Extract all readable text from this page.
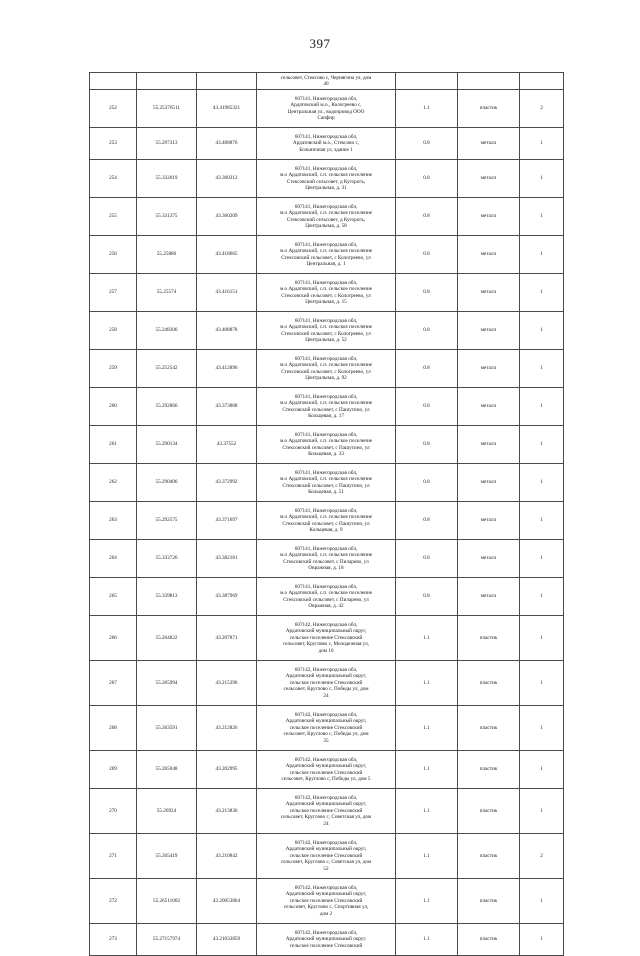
397

			сельсовет, Стексово с, Чернягина ул, дом
40			

252	55.25376511	43.41985321	607141, Нижегородская обл,
Ардатовский м.о., Кологреево с,
Центральная ул., водопровод ООО
Сапфир	1.1	пластик	2
253	55.297313	43.408876	607141, Нижегородская обл,
Ардатовский м.о., Стексово с,
Больничная ул, здание 1	0.8	металл	1
254	55.332019	43.360212	607141, Нижегородская обл,
м.о Ардатовский, с.п. сельское поселение
Стексовский сельсовет, д Кугорогь,
Центральная, д. 31	0.8	металл	1
255	55.331375	43.360209	607141, Нижегородская обл,
м.о Ардатовский, с.п. сельское поселение
Стексовский сельсовет, д Кугорогь,
Центральная, д. 58	0.8	металл	1
256	55.25886	43.418665	607141, Нижегородская обл,
м.о Ардатовский, с.п. сельское поселение
Стексовский сельсовет, с Кологреево, ул
Центральная, д. 1	0.8	металл	1
257	55.25574	43.416151	607141, Нижегородская обл,
м.о Ардатовский, с.п. сельское поселение
Стексовский сельсовет, с Кологреево, ул
Центральная, д. 15	0.8	металл	1
258	55.248306	43.408878	607141, Нижегородская обл,
м.о Ардатовский, с.п. сельское поселение
Стексовский сельсовет, с Кологреево, ул
Центральная, д. 52	0.8	металл	1
259	55.252542	43.412896	607141, Нижегородская обл,
м.о Ардатовский, с.п. сельское поселение
Стексовский сельсовет, с Кологреево, ул
Центральная, д. 92	0.8	металл	1
260	55.292866	43.373808	607141, Нижегородская обл,
м.о Ардатовский, с.п. сельское поселение
Стексовский сельсовет, с Пашутино, ул
Кольцевая, д. 17	0.8	металл	1
261	55.290134	43.37552	607141, Нижегородская обл,
м.о Ардатовский, с.п. сельское поселение
Стексовский сельсовет, с Пашутино, ул
Кольцевая, д. 33	0.8	металл	1
262	55.290406	43.372992	607141, Нижегородская обл,
м.о Ардатовский, с.п. сельское поселение
Стексовский сельсовет, с Пашутино, ул
Кольцевая, д. 51	0.8	металл	1
263	55.292575	43.371697	607141, Нижегородская обл,
м.о Ардатовский, с.п. сельское поселение
Стексовский сельсовет, с Пашутино, ул
Кольцевая, д. 9	0.8	металл	1
264	55.333726	43.382181	607141, Нижегородская обл,
м.о Ардатовский, с.п. сельское поселение
Стексовский сельсовет, с Пиларево, ул
Овражная, д. 18	0.8	металл	1
265	55.339813	43.387969	607141, Нижегородская обл,
м.о Ардатовский, с.п. сельское поселение
Стексовский сельсовет, с Пиларево, ул
Овражная, д. 42	0.8	металл	1
266	55.264822	43.207871	607142, Нижегородская обл,
Ардатовский муниципальный округ,
сельское поселение Стексовский
сельсовет, Круглово с, Молодежная ул,
дом 10	1.1	пластик	1
267	55.265994	43.215396	607142, Нижегородская обл,
Ардатовский муниципальный округ,
сельское поселение Стексовский
сельсовет, Круглово с, Победы ул, дом
24	1.1	пластик	1
268	55.263591	43.212826	607142, Нижегородская обл,
Ардатовский муниципальный округ,
сельское поселение Стексовский
сельсовет, Круглово с, Победы ул, дом
35	1.1	пластик	1
269	55.265048	43.202995	607142, Нижегородская обл,
Ардатовский муниципальный округ,
сельское поселение Стексовский
сельсовет, Круглово с, Победы ул, дом 5	1.1	пластик	1
270	55.26924	43.213836	607142, Нижегородская обл,
Ардатовский муниципальный округ,
сельское поселение Стексовский
сельсовет, Круглово с, Советская ул, дом
24	1.1	пластик	1
271	55.265419	43.210842	607142, Нижегородская обл,
Ардатовский муниципальный округ,
сельское поселение Стексовский
сельсовет, Круглово с, Советская ул, дом
52	1.1	пластик	2
272	55.26511002	43.20053864	607142, Нижегородская обл,
Ардатовский муниципальный округ,
сельское поселение Стексовский
сельсовет, Круглово с, Спортивная ул,
дом 2	1.1	пластик	1
273	55.27157974	43.21033859	607142, Нижегородская обл,
Ардатовский муниципальный округ,
сельское поселение Стексовский	1.1	пластик	1
